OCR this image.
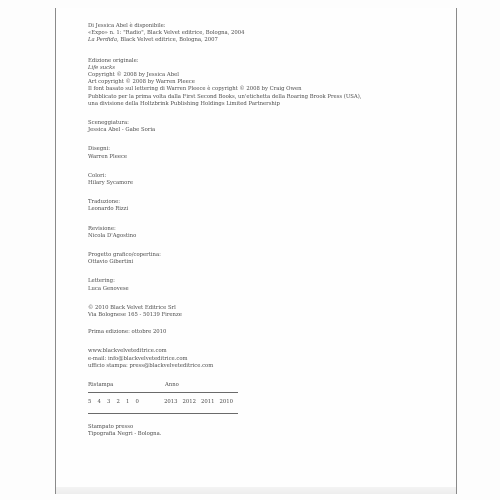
Di Jessica Abel è disponibile:
«Expo» n. 1: "Radio", Black Velvet editrice, Bologna, 2004
La Perdida, Black Velvet editrice, Bologna, 2007
Edizione originale:
Life sucks
Copyright © 2008 by Jessica Abel
Art copyright © 2008 by Warren Pleece
Il font basato sul lettering di Warren Pleece è copyright © 2008 by Craig Owen
Pubblicato per la prima volta dalla First Second Books, un'etichetta della Roaring Brook Press (USA),
una divisione della Holtzbrink Publishing Holdings Limited Partnership
Sceneggiatura:
Jessica Abel - Gabe Soria
Disegni:
Warren Pleece
Colori:
Hilary Sycamore
Traduzione:
Leonardo Rizzi
Revisione:
Nicola D'Agostino
Progetto grafico/copertina:
Ottavio Gibertini
Lettering:
Luca Genovese
© 2010 Black Velvet Editrice Srl
Via Bolognese 165 - 50139 Firenze
Prima edizione: ottobre 2010
www.blackvelveteditrice.com
e-mail: info@blackvelveteditrice.com
ufficio stampa: press@blackvelveteditrice.com
Ristampa	Anno
5	4	3	2	1	0	2013 2012 2011 2010
Stampato presso
Tipografia Negri - Bologna.
